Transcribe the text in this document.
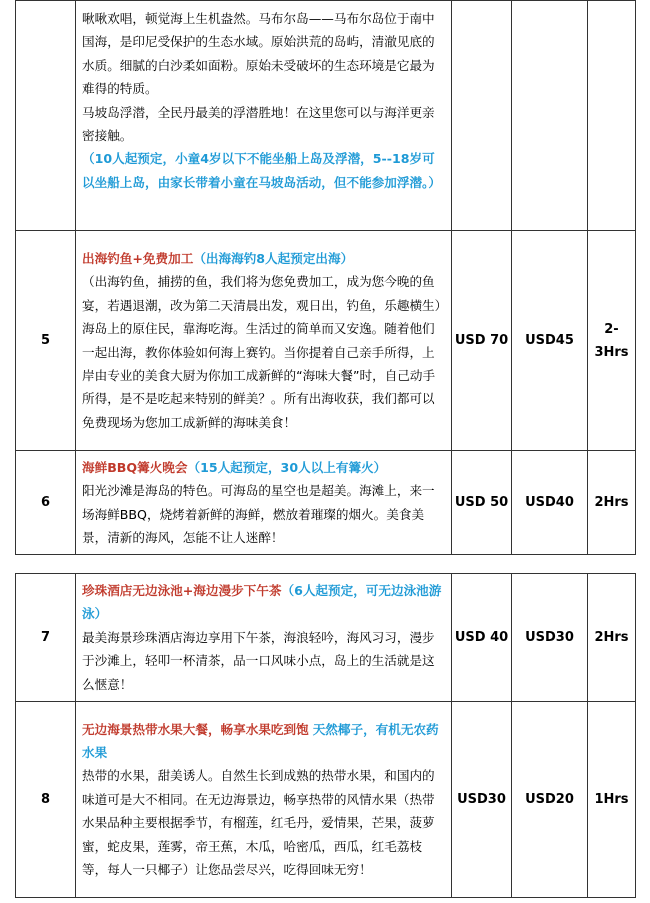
	啾啾欢唱，顿觉海上生机盎然。马布尔岛——马布尔岛位于南中国海，是印尼受保护的生态水域。原始洪荒的岛屿，清澈见底的水质。细腻的白沙柔如面粉。原始未受破坏的生态环境是它最为难得的特质。
马坡岛浮潜，全民丹最美的浮潜胜地！在这里您可以与海洋更亲密接触。
（10人起预定，小童4岁以下不能坐船上岛及浮潜，5--18岁可以坐船上岛，由家长带着小童在马坡岛活动，但不能参加浮潜。）			

5	出海钓鱼+免费加工（出海海钓8人起预定出海）
（出海钓鱼，捕捞的鱼，我们将为您免费加工，成为您今晚的鱼宴，若遇退潮，改为第二天清晨出发，观日出，钓鱼，乐趣横生）海岛上的原住民，靠海吃海。生活过的简单而又安逸。随着他们一起出海，教你体验如何海上赛钓。当你提着自己亲手所得，上岸由专业的美食大厨为你加工成新鲜的“海味大餐”时，自己动手所得，是不是吃起来特别的鲜美？。所有出海收获，我们都可以免费现场为您加工成新鲜的海味美食！	USD 70	USD45	2-3Hrs
6	海鲜BBQ篝火晚会（15人起预定，30人以上有篝火）
阳光沙滩是海岛的特色。可海岛的星空也是超美。海滩上，来一场海鲜BBQ，烧烤着新鲜的海鲜，燃放着璀璨的烟火。美食美景，清新的海风，怎能不让人迷醉！	USD 50	USD40	2Hrs
7	珍珠酒店无边泳池+海边漫步下午茶（6人起预定，可无边泳池游泳）
最美海景珍珠酒店海边享用下午茶，海浪轻吟，海风习习，漫步于沙滩上，轻叩一杯清茶，品一口风味小点，岛上的生活就是这么惬意！	USD 40	USD30	2Hrs
8	无边海景热带水果大餐，畅享水果吃到饱 天然椰子，有机无农药水果
热带的水果，甜美诱人。自然生长到成熟的热带水果，和国内的味道可是大不相同。在无边海景边，畅享热带的风情水果（热带水果品种主要根据季节，有榴莲，红毛丹，爱情果，芒果，菠萝蜜，蛇皮果，莲雾，帝王蕉，木瓜，哈密瓜，西瓜，红毛荔枝等，每人一只椰子）让您品尝尽兴，吃得回味无穷！	USD30	USD20	1Hrs
